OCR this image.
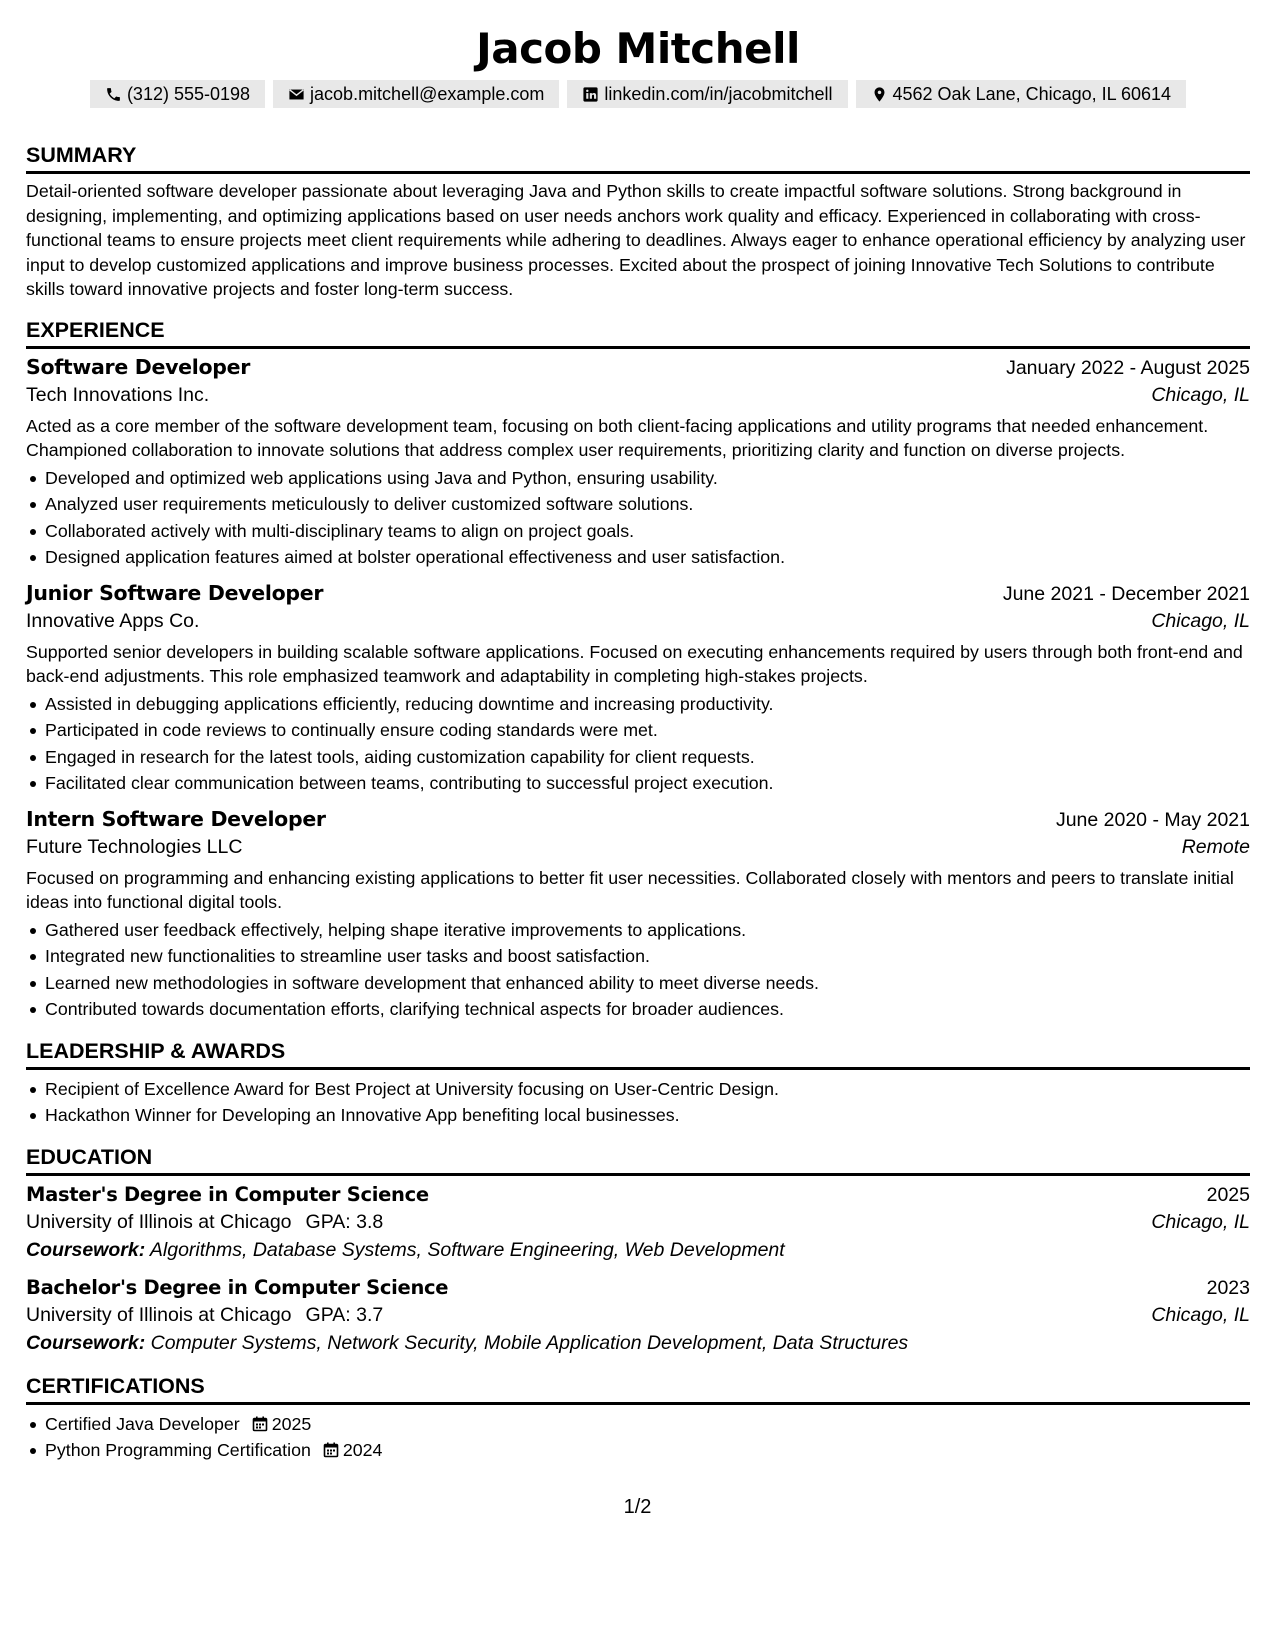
Jacob Mitchell
(312) 555-0198	jacob.mitchell@example.com	linkedin.com/in/jacobmitchell	4562 Oak Lane, Chicago, IL 60614
SUMMARY

Detail-oriented software developer passionate about leveraging Java and Python skills to create impactful software solutions. Strong background in designing, implementing, and optimizing applications based on user needs anchors work quality and efficacy. Experienced in collaborating with cross-functional teams to ensure projects meet client requirements while adhering to deadlines. Always eager to enhance operational efficiency by analyzing user input to develop customized applications and improve business processes. Excited about the prospect of joining Innovative Tech Solutions to contribute skills toward innovative projects and foster long-term success.

EXPERIENCE
Software Developer	January 2022 - August 2025
Tech Innovations Inc.	Chicago, IL

Acted as a core member of the software development team, focusing on both client-facing applications and utility programs that needed enhancement. Championed collaboration to innovate solutions that address complex user requirements, prioritizing clarity and function on diverse projects.

Developed and optimized web applications using Java and Python, ensuring usability.
Analyzed user requirements meticulously to deliver customized software solutions.
Collaborated actively with multi-disciplinary teams to align on project goals.
Designed application features aimed at bolster operational effectiveness and user satisfaction.
Junior Software Developer	June 2021 - December 2021
Innovative Apps Co.	Chicago, IL

Supported senior developers in building scalable software applications. Focused on executing enhancements required by users through both front-end and back-end adjustments. This role emphasized teamwork and adaptability in completing high-stakes projects.

Assisted in debugging applications efficiently, reducing downtime and increasing productivity.
Participated in code reviews to continually ensure coding standards were met.
Engaged in research for the latest tools, aiding customization capability for client requests.
Facilitated clear communication between teams, contributing to successful project execution.
Intern Software Developer	June 2020 - May 2021
Future Technologies LLC	Remote

Focused on programming and enhancing existing applications to better fit user necessities. Collaborated closely with mentors and peers to translate initial ideas into functional digital tools.

Gathered user feedback effectively, helping shape iterative improvements to applications.
Integrated new functionalities to streamline user tasks and boost satisfaction.
Learned new methodologies in software development that enhanced ability to meet diverse needs.
Contributed towards documentation efforts, clarifying technical aspects for broader audiences.
LEADERSHIP & AWARDS
Recipient of Excellence Award for Best Project at University focusing on User-Centric Design.
Hackathon Winner for Developing an Innovative App benefiting local businesses.
EDUCATION
Master's Degree in Computer Science	2025
University of Illinois at Chicago GPA: 3.8	Chicago, IL
Coursework: Algorithms, Database Systems, Software Engineering, Web Development
Bachelor's Degree in Computer Science	2023
University of Illinois at Chicago GPA: 3.7	Chicago, IL
Coursework: Computer Systems, Network Security, Mobile Application Development, Data Structures
CERTIFICATIONS
Certified Java Developer 2025
Python Programming Certification 2024
1/2
